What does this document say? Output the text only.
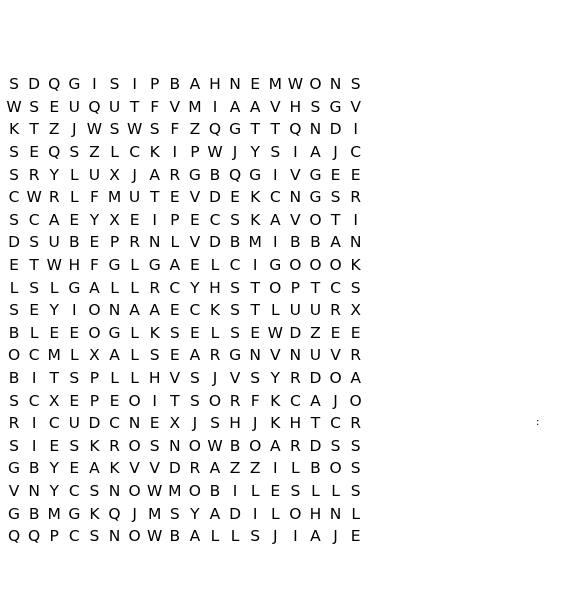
S D Q G I S I P B A H N E M W O N S
W S E U Q U T F V M I A A V H S G V
K T Z J W S W S F Z Q G T T Q N D I
S E Q S Z L C K I P W J Y S I A J C
S R Y L U X J A R G B Q G I V G E E
C W R L F M U T E V D E K C N G S R
S C A E Y X E I P E C S K A V O T I
D S U B E P R N L V D B M I B B A N
E T W H F G L G A E L C I G O O O K
L S L G A L L R C Y H S T O P T C S
S E Y I O N A A E C K S T L U U R X
B L E E O G L K S E L S E W D Z E E
O C M L X A L S E A R G N V N U V R
B I T S P L L H V S J V S Y R D O A
S C X E P E O I T S O R F K C A J O
R I C U D C N E X J S H J K H T C R
S I E S K R O S N O W B O A R D S S
G B Y E A K V V D R A Z Z I L B O S
V N Y C S N O W M O B I L E S L L S
G B M G K Q J M S Y A D I L O H N L
Q Q P C S N O W B A L L S J	I A J E
:
